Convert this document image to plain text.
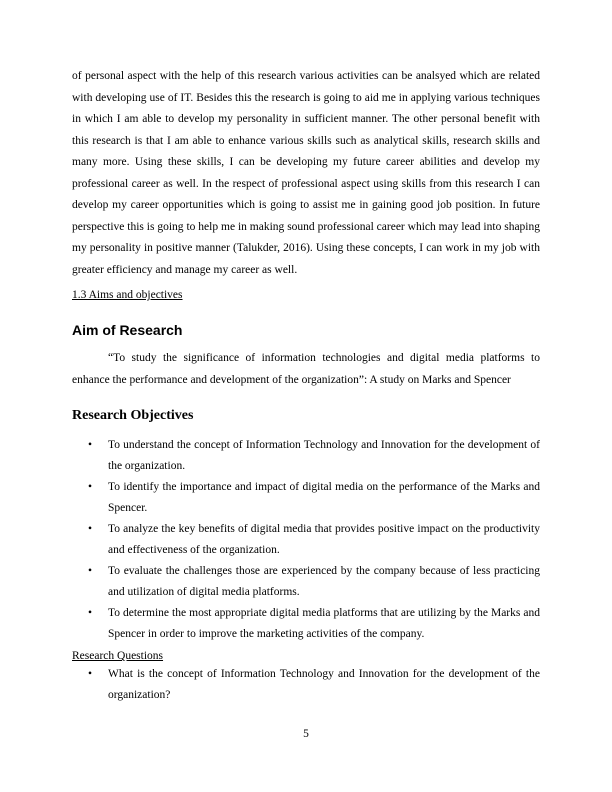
of personal aspect with the help of this research various activities can be analsyed which are related with developing use of IT. Besides this the research is going to aid me in applying various techniques in which I am able to develop my personality in sufficient manner. The other personal benefit with this research is that I am able to enhance various skills such as analytical skills, research skills and many more. Using these skills, I can be developing my future career abilities and develop my professional career as well. In the respect of professional aspect using skills from this research I can develop my career opportunities which is going to assist me in gaining good job position. In future perspective this is going to help me in making sound professional career which may lead into shaping my personality in positive manner (Talukder, 2016). Using these concepts, I can work in my job with greater efficiency and manage my career as well.

1.3 Aims and objectives

Aim of Research

“To study the significance of information technologies and digital media platforms to enhance the performance and development of the organization”: A study on Marks and Spencer

Research Objectives
• To understand the concept of Information Technology and Innovation for the development of the organization.
• To identify the importance and impact of digital media on the performance of the Marks and Spencer.
• To analyze the key benefits of digital media that provides positive impact on the productivity and effectiveness of the organization.
• To evaluate the challenges those are experienced by the company because of less practicing and utilization of digital media platforms.
• To determine the most appropriate digital media platforms that are utilizing by the Marks and Spencer in order to improve the marketing activities of the company.

Research Questions

• What is the concept of Information Technology and Innovation for the development of the organization?
5
